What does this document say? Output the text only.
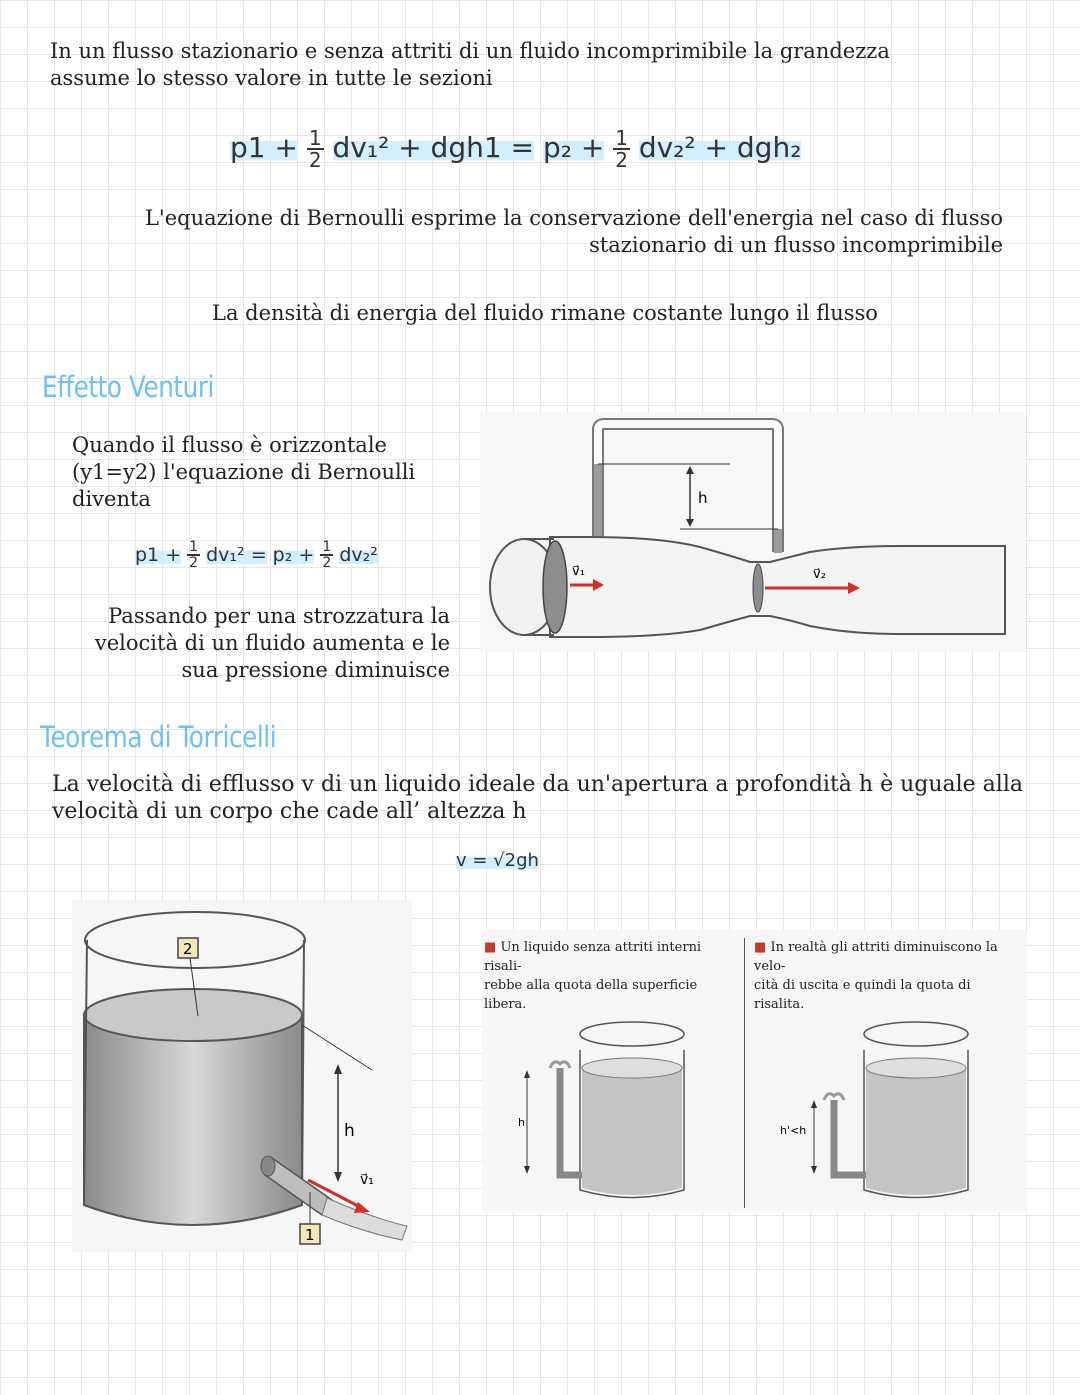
In un flusso stazionario e senza attriti di un fluido incomprimibile la grandezza
assume lo stesso valore in tutte le sezioni
$p1 + \frac{1}{2} dv_1^2 + dgh1 = p_2 + \frac{1}{2} dv_2^2 + dgh_2$
L'equazione di Bernoulli esprime la conservazione dell'energia nel caso di flusso
stazionario di un flusso incomprimibile
La densità di energia del fluido rimane costante lungo il flusso
Effetto Venturi
Quando il flusso è orizzontale
(y1=y2) l'equazione di Bernoulli
diventa
$p1 + \frac{1}{2} dv_1^2 = p_2 + \frac{1}{2} dv_2^2$
Passando per una strozzatura la
velocità di un fluido aumenta e le
sua pressione diminuisce
h
v⃗₁	v⃗₂
Teorema di Torricelli
La velocità di efflusso v di un liquido ideale da un'apertura a profondità h è uguale alla
velocità di un corpo che cade all’ altezza h
v = √2gh
2
h
v⃗₁
1
■ Un liquido senza attriti interni risali-
rebbe alla quota della superficie libera.
■ In realtà gli attriti diminuiscono la velo-
cità di uscita e quindi la quota di risalita.
h
h'<h
